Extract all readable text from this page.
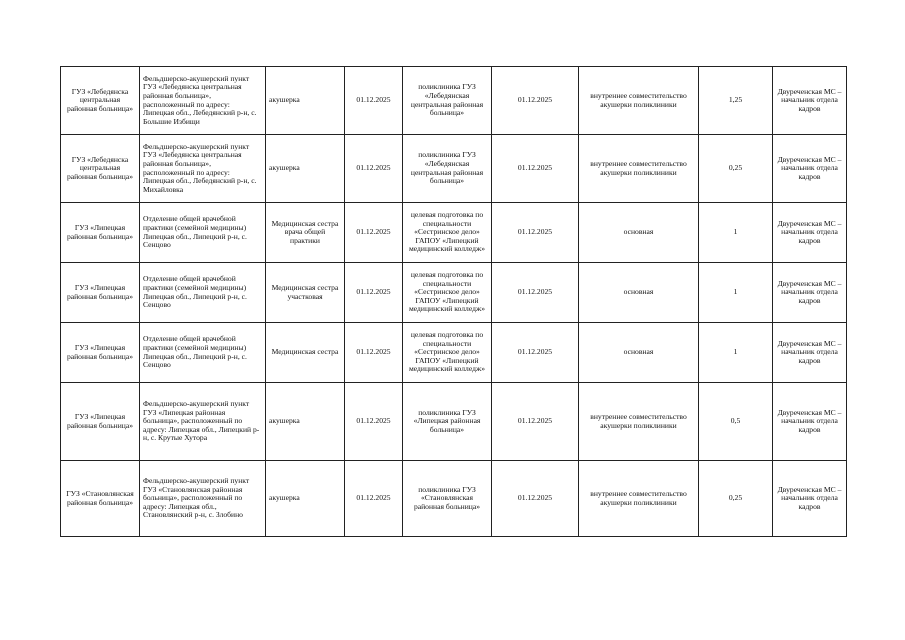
ГУЗ «Лебедянска центральная районная больница»	Фельдшерско-акушерский пункт ГУЗ «Лебедянска центральная районная больница», расположенный по адресу: Липецкая обл., Лебедянский р-н, с. Большие Избищи	акушерка	01.12.2025	поликлиника ГУЗ «Лебедянская центральная районная больница»	01.12.2025	внутреннее совместительство акушерки поликлиники	1,25	Двуреченская МС – начальник отдела кадров
ГУЗ «Лебедянска центральная районная больница»	Фельдшерско-акушерский пункт ГУЗ «Лебедянска центральная районная больница», расположенный по адресу: Липецкая обл., Лебедянский р-н, с. Михайловка	акушерка	01.12.2025	поликлиника ГУЗ «Лебедянская центральная районная больница»	01.12.2025	внутреннее совместительство акушерки поликлиники	0,25	Двуреченская МС – начальник отдела кадров
ГУЗ «Липецкая районная больница»	Отделение общей врачебной практики (семейной медицины) Липецкая обл., Липецкий р-н, с. Сенцово	Медицинская сестра врача общей практики	01.12.2025	целевая подготовка по специальности «Сестринское дело» ГАПОУ «Липецкий медицинский колледж»	01.12.2025	основная	1	Двуреченская МС – начальник отдела кадров
ГУЗ «Липецкая районная больница»	Отделение общей врачебной практики (семейной медицины) Липецкая обл., Липецкий р-н, с. Сенцово	Медицинская сестра участковая	01.12.2025	целевая подготовка по специальности «Сестринское дело» ГАПОУ «Липецкий медицинский колледж»	01.12.2025	основная	1	Двуреченская МС – начальник отдела кадров
ГУЗ «Липецкая районная больница»	Отделение общей врачебной практики (семейной медицины) Липецкая обл., Липецкий р-н, с. Сенцово	Медицинская сестра	01.12.2025	целевая подготовка по специальности «Сестринское дело» ГАПОУ «Липецкий медицинский колледж»	01.12.2025	основная	1	Двуреченская МС – начальник отдела кадров
ГУЗ «Липецкая районная больница»	Фельдшерско-акушерский пункт ГУЗ «Липецкая районная больница», расположенный по адресу: Липецкая обл., Липецкий р-н, с. Крутые Хутора	акушерка	01.12.2025	поликлиника ГУЗ «Липецкая районная больница»	01.12.2025	внутреннее совместительство акушерки поликлиники	0,5	Двуреченская МС – начальник отдела кадров
ГУЗ «Становлянская районная больница»	Фельдшерско-акушерский пункт ГУЗ «Становлянская районная больница», расположенный по адресу: Липецкая обл., Становлянский р-н, с. Злобино	акушерка	01.12.2025	поликлиника ГУЗ «Становлянская районная больница»	01.12.2025	внутреннее совместительство акушерки поликлиники	0,25	Двуреченская МС – начальник отдела кадров
